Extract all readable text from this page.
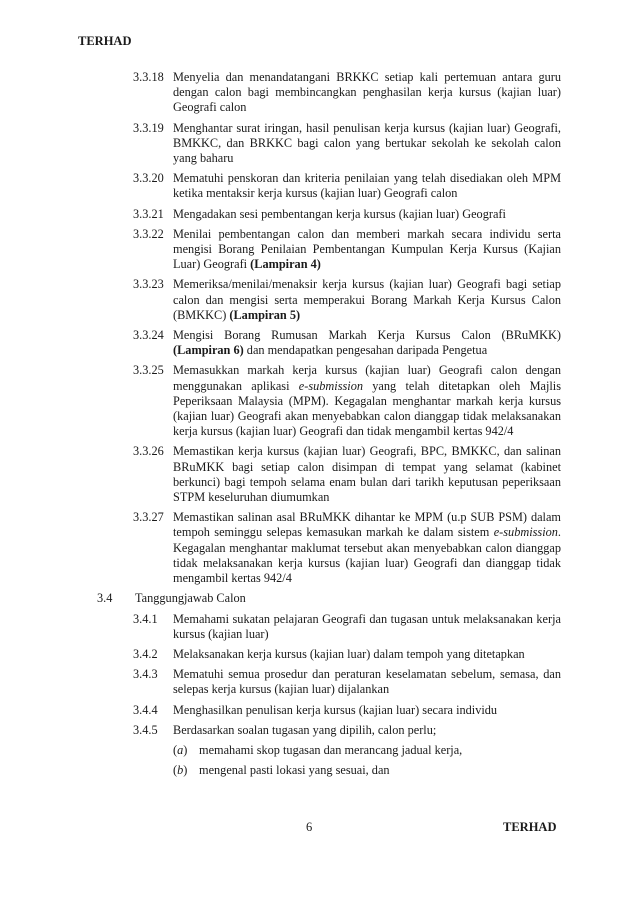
TERHAD
3.3.18 Menyelia dan menandatangani BRKKC setiap kali pertemuan antara guru dengan calon bagi membincangkan penghasilan kerja kursus (kajian luar) Geografi calon
3.3.19 Menghantar surat iringan, hasil penulisan kerja kursus (kajian luar) Geografi, BMKKC, dan BRKKC bagi calon yang bertukar sekolah ke sekolah calon yang baharu
3.3.20 Mematuhi penskoran dan kriteria penilaian yang telah disediakan oleh MPM ketika mentaksir kerja kursus (kajian luar) Geografi calon
3.3.21 Mengadakan sesi pembentangan kerja kursus (kajian luar) Geografi
3.3.22 Menilai pembentangan calon dan memberi markah secara individu serta mengisi Borang Penilaian Pembentangan Kumpulan Kerja Kursus (Kajian Luar) Geografi (Lampiran 4)
3.3.23 Memeriksa/menilai/menaksir kerja kursus (kajian luar) Geografi bagi setiap calon dan mengisi serta memperakui Borang Markah Kerja Kursus Calon (BMKKC) (Lampiran 5)
3.3.24 Mengisi Borang Rumusan Markah Kerja Kursus Calon (BRuMKK) (Lampiran 6) dan mendapatkan pengesahan daripada Pengetua
3.3.25 Memasukkan markah kerja kursus (kajian luar) Geografi calon dengan menggunakan aplikasi e-submission yang telah ditetapkan oleh Majlis Peperiksaan Malaysia (MPM). Kegagalan menghantar markah kerja kursus (kajian luar) Geografi akan menyebabkan calon dianggap tidak melaksanakan kerja kursus (kajian luar) Geografi dan tidak mengambil kertas 942/4
3.3.26 Memastikan kerja kursus (kajian luar) Geografi, BPC, BMKKC, dan salinan BRuMKK bagi setiap calon disimpan di tempat yang selamat (kabinet berkunci) bagi tempoh selama enam bulan dari tarikh keputusan peperiksaan STPM keseluruhan diumumkan
3.3.27 Memastikan salinan asal BRuMKK dihantar ke MPM (u.p SUB PSM) dalam tempoh seminggu selepas kemasukan markah ke dalam sistem e-submission. Kegagalan menghantar maklumat tersebut akan menyebabkan calon dianggap tidak melaksanakan kerja kursus (kajian luar) Geografi dan dianggap tidak mengambil kertas 942/4
3.4 Tanggungjawab Calon
3.4.1 Memahami sukatan pelajaran Geografi dan tugasan untuk melaksanakan kerja kursus (kajian luar)
3.4.2 Melaksanakan kerja kursus (kajian luar) dalam tempoh yang ditetapkan
3.4.3 Mematuhi semua prosedur dan peraturan keselamatan sebelum, semasa, dan selepas kerja kursus (kajian luar) dijalankan
3.4.4 Menghasilkan penulisan kerja kursus (kajian luar) secara individu
3.4.5 Berdasarkan soalan tugasan yang dipilih, calon perlu;
(a) memahami skop tugasan dan merancang jadual kerja,
(b) mengenal pasti lokasi yang sesuai, dan
6	TERHAD
